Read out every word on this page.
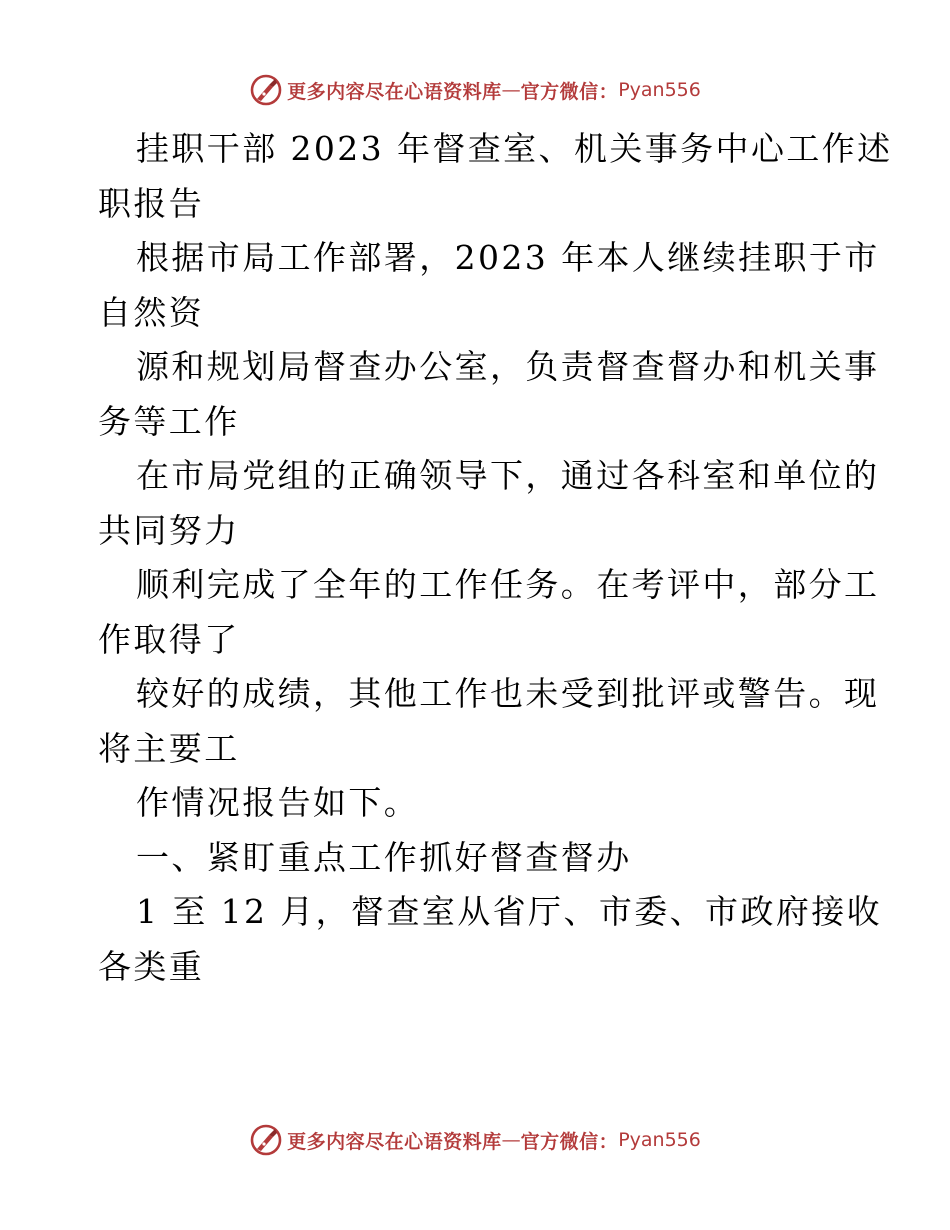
更多内容尽在心语资料库 — 官方微信： Pyan556

挂职干部 2023 年督查室、机关事务中心工作述

职报告

根据市局工作部署，2023 年本人继续挂职于市

自然资

源和规划局督查办公室，负责督查督办和机关事

务等工作

在市局党组的正确领导下，通过各科室和单位的

共同努力

顺利完成了全年的工作任务。在考评中，部分工

作取得了

较好的成绩，其他工作也未受到批评或警告。现

将主要工

作情况报告如下。

一、紧盯重点工作抓好督查督办

1 至 12 月，督查室从省厅、市委、市政府接收

各类重

更多内容尽在心语资料库 — 官方微信： Pyan556
